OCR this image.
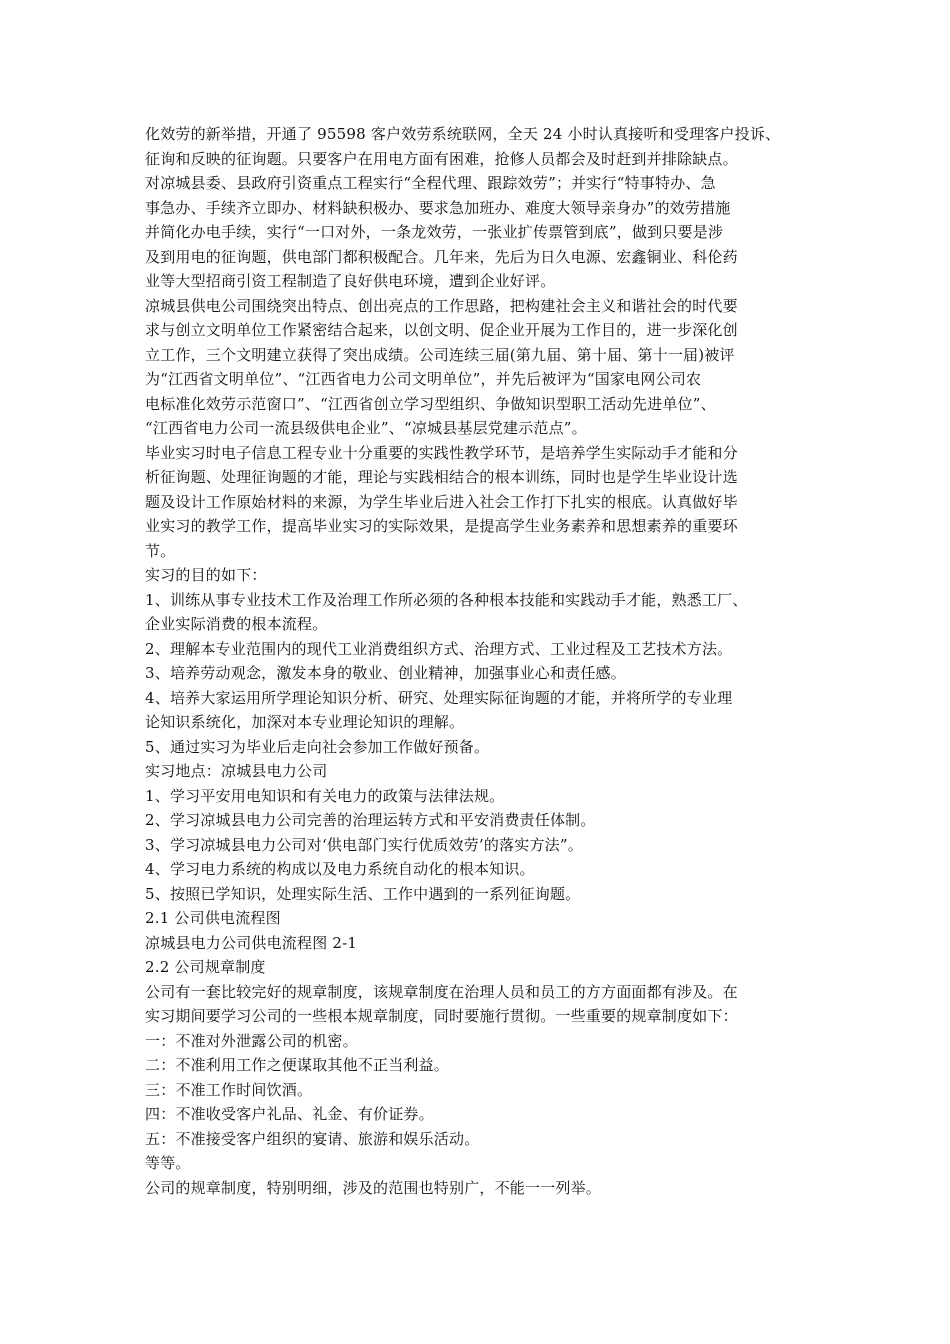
化效劳的新举措，开通了 95598 客户效劳系统联网，全天 24 小时认真接听和受理客户投诉、
征询和反映的征询题。只要客户在用电方面有困难，抢修人员都会及时赶到并排除缺点。
对凉城县委、县政府引资重点工程实行“全程代理、跟踪效劳”；并实行“特事特办、急
事急办、手续齐立即办、材料缺积极办、要求急加班办、难度大领导亲身办”的效劳措施
并简化办电手续，实行“一口对外，一条龙效劳，一张业扩传票管到底”，做到只要是涉
及到用电的征询题，供电部门都积极配合。几年来，先后为日久电源、宏鑫铜业、科伦药
业等大型招商引资工程制造了良好供电环境，遭到企业好评。
凉城县供电公司围绕突出特点、创出亮点的工作思路，把构建社会主义和谐社会的时代要
求与创立文明单位工作紧密结合起来，以创文明、促企业开展为工作目的，进一步深化创
立工作，三个文明建立获得了突出成绩。公司连续三届(第九届、第十届、第十一届)被评
为“江西省文明单位”、“江西省电力公司文明单位”，并先后被评为“国家电网公司农
电标准化效劳示范窗口”、“江西省创立学习型组织、争做知识型职工活动先进单位”、
“江西省电力公司一流县级供电企业”、“凉城县基层党建示范点”。
毕业实习时电子信息工程专业十分重要的实践性教学环节，是培养学生实际动手才能和分
析征询题、处理征询题的才能，理论与实践相结合的根本训练，同时也是学生毕业设计选
题及设计工作原始材料的来源，为学生毕业后进入社会工作打下扎实的根底。认真做好毕
业实习的教学工作，提高毕业实习的实际效果，是提高学生业务素养和思想素养的重要环
节。
实习的目的如下：
1、训练从事专业技术工作及治理工作所必须的各种根本技能和实践动手才能，熟悉工厂、
企业实际消费的根本流程。
2、理解本专业范围内的现代工业消费组织方式、治理方式、工业过程及工艺技术方法。
3、培养劳动观念，激发本身的敬业、创业精神，加强事业心和责任感。
4、培养大家运用所学理论知识分析、研究、处理实际征询题的才能，并将所学的专业理
论知识系统化，加深对本专业理论知识的理解。
5、通过实习为毕业后走向社会参加工作做好预备。
实习地点：凉城县电力公司
1、学习平安用电知识和有关电力的政策与法律法规。
2、学习凉城县电力公司完善的治理运转方式和平安消费责任体制。
3、学习凉城县电力公司对‘供电部门实行优质效劳’的落实方法”。
4、学习电力系统的构成以及电力系统自动化的根本知识。
5、按照已学知识，处理实际生活、工作中遇到的一系列征询题。
2.1 公司供电流程图
凉城县电力公司供电流程图 2-1
2.2 公司规章制度
公司有一套比较完好的规章制度，该规章制度在治理人员和员工的方方面面都有涉及。在
实习期间要学习公司的一些根本规章制度，同时要施行贯彻。一些重要的规章制度如下：
一：不准对外泄露公司的机密。
二：不准利用工作之便谋取其他不正当利益。
三：不准工作时间饮酒。
四：不准收受客户礼品、礼金、有价证券。
五：不准接受客户组织的宴请、旅游和娱乐活动。
等等。
公司的规章制度，特别明细，涉及的范围也特别广，不能一一列举。
